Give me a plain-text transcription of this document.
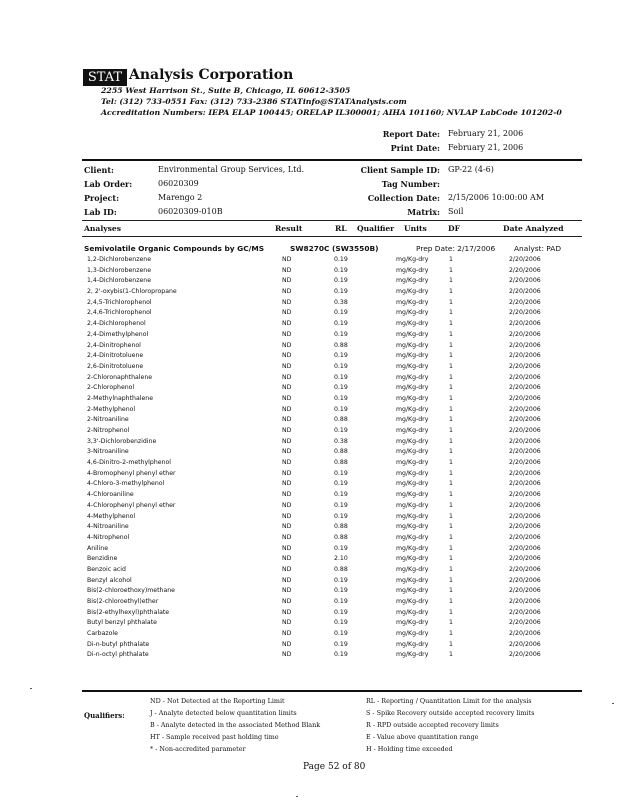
STAT Analysis Corporation
2255 West Harrison St., Suite B, Chicago, IL 60612-3505
Tel: (312) 733-0551 Fax: (312) 733-2386 STATinfo@STATAnalysis.com
Accreditation Numbers: IEPA ELAP 100445; ORELAP IL300001; AIHA 101160; NVLAP LabCode 101202-0
Report Date: February 21, 2006
Print Date: February 21, 2006
Client:	Environmental Group Services, Ltd.
Lab Order:	06020309
Project:	Marengo 2
Lab ID:	06020309-010B
Client Sample ID: GP-22 (4-6)
Tag Number:
Collection Date: 2/15/2006 10:00:00 AM
Matrix: Soil
Analyses	Result	RL Qualifier Units	DF	Date Analyzed
Semivolatile Organic Compounds by GC/MS	SW8270C (SW3550B)	Prep Date: 2/17/2006	Analyst: PAD
1,2-Dichlorobenzene	ND	0.19	mg/Kg-dry	1	2/20/2006
1,3-Dichlorobenzene	ND	0.19	mg/Kg-dry	1	2/20/2006
1,4-Dichlorobenzene	ND	0.19	mg/Kg-dry	1	2/20/2006
2, 2'-oxybis(1-Chloropropane	ND	0.19	mg/Kg-dry	1	2/20/2006
2,4,5-Trichlorophenol	ND	0.38	mg/Kg-dry	1	2/20/2006
2,4,6-Trichlorophenol	ND	0.19	mg/Kg-dry	1	2/20/2006
2,4-Dichlorophenol	ND	0.19	mg/Kg-dry	1	2/20/2006
2,4-Dimethylphenol	ND	0.19	mg/Kg-dry	1	2/20/2006
2,4-Dinitrophenol	ND	0.88	mg/Kg-dry	1	2/20/2006
2,4-Dinitrotoluene	ND	0.19	mg/Kg-dry	1	2/20/2006
2,6-Dinitrotoluene	ND	0.19	mg/Kg-dry	1	2/20/2006
2-Chloronaphthalene	ND	0.19	mg/Kg-dry	1	2/20/2006
2-Chlorophenol	ND	0.19	mg/Kg-dry	1	2/20/2006
2-Methylnaphthalene	ND	0.19	mg/Kg-dry	1	2/20/2006
2-Methylphenol	ND	0.19	mg/Kg-dry	1	2/20/2006
2-Nitroaniline	ND	0.88	mg/Kg-dry	1	2/20/2006
2-Nitrophenol	ND	0.19	mg/Kg-dry	1	2/20/2006
3,3'-Dichlorobenzidine	ND	0.38	mg/Kg-dry	1	2/20/2006
3-Nitroaniline	ND	0.88	mg/Kg-dry	1	2/20/2006
4,6-Dinitro-2-methylphenol	ND	0.88	mg/Kg-dry	1	2/20/2006
4-Bromophenyl phenyl ether	ND	0.19	mg/Kg-dry	1	2/20/2006
4-Chloro-3-methylphenol	ND	0.19	mg/Kg-dry	1	2/20/2006
4-Chloroaniline	ND	0.19	mg/Kg-dry	1	2/20/2006
4-Chlorophenyl phenyl ether	ND	0.19	mg/Kg-dry	1	2/20/2006
4-Methylphenol	ND	0.19	mg/Kg-dry	1	2/20/2006
4-Nitroaniline	ND	0.88	mg/Kg-dry	1	2/20/2006
4-Nitrophenol	ND	0.88	mg/Kg-dry	1	2/20/2006
Aniline	ND	0.19	mg/Kg-dry	1	2/20/2006
Benzidine	ND	2.10	mg/Kg-dry	1	2/20/2006
Benzoic acid	ND	0.88	mg/Kg-dry	1	2/20/2006
Benzyl alcohol	ND	0.19	mg/Kg-dry	1	2/20/2006
Bis(2-chloroethoxy)methane	ND	0.19	mg/Kg-dry	1	2/20/2006
Bis(2-chloroethyl)ether	ND	0.19	mg/Kg-dry	1	2/20/2006
Bis(2-ethylhexyl)phthalate	ND	0.19	mg/Kg-dry	1	2/20/2006
Butyl benzyl phthalate	ND	0.19	mg/Kg-dry	1	2/20/2006
Carbazole	ND	0.19	mg/Kg-dry	1	2/20/2006
Di-n-butyl phthalate	ND	0.19	mg/Kg-dry	1	2/20/2006
Di-n-octyl phthalate	ND	0.19	mg/Kg-dry	1	2/20/2006
Qualifiers:
ND - Not Detected at the Reporting Limit
J - Analyte detected below quantitation limits
B - Analyte detected in the associated Method Blank
HT - Sample received past holding time
* - Non-accredited parameter
RL - Reporting / Quantitation Limit for the analysis
S - Spike Recovery outside accepted recovery limits
R - RPD outside accepted recovery limits
E - Value above quantitation range
H - Holding time exceeded
Page 52 of 80
